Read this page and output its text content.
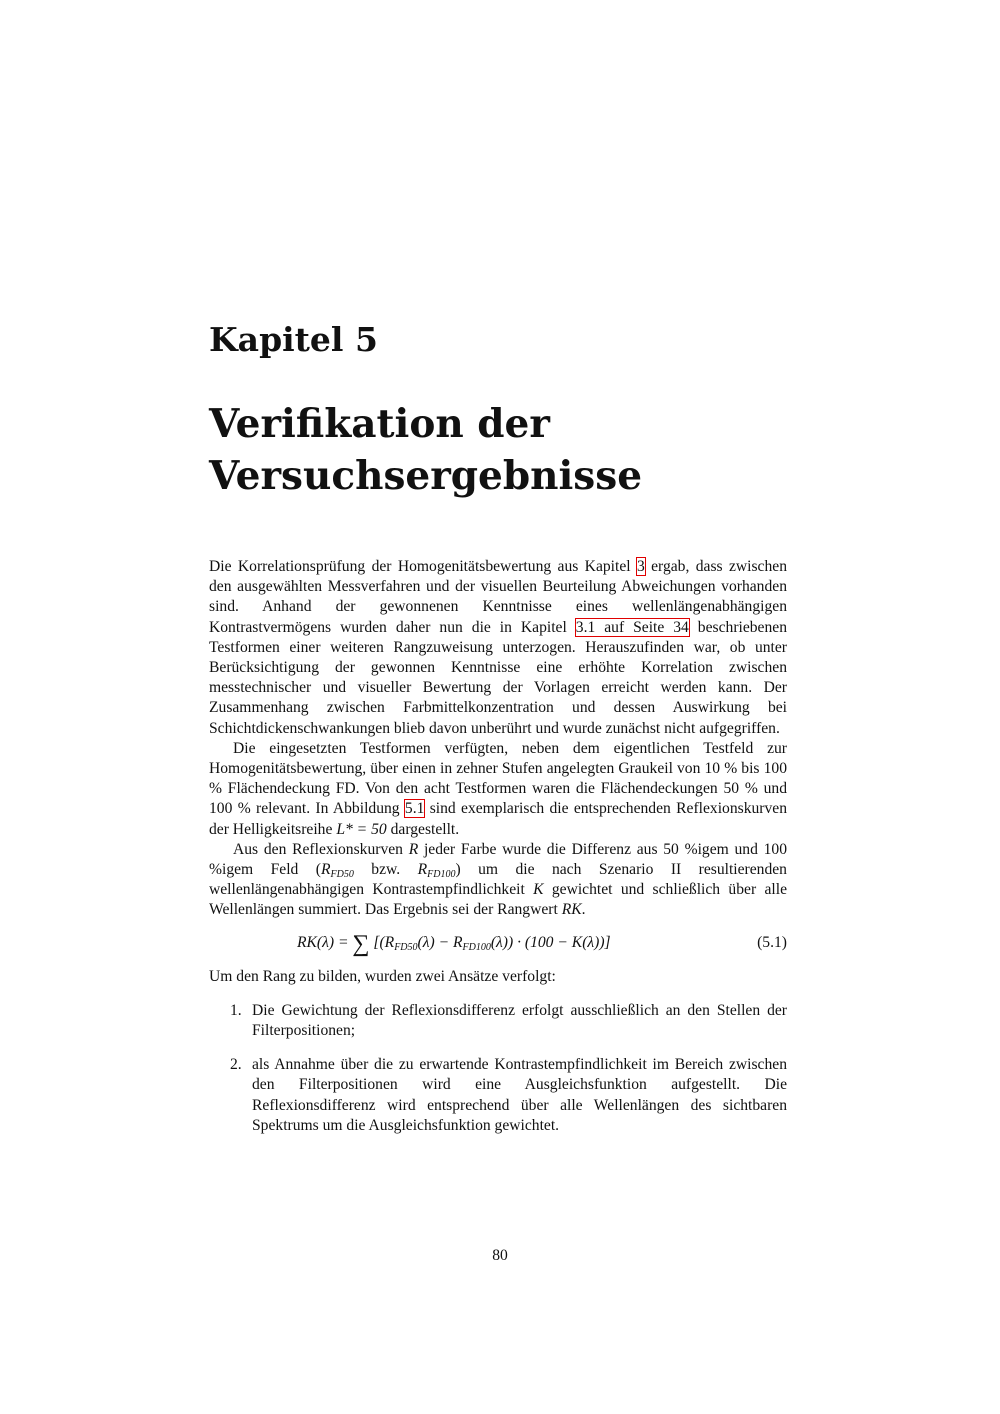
Kapitel 5
Verifikation der
Versuchsergebnisse

Die Korrelationsprüfung der Homogenitätsbewertung aus Kapitel 3 ergab, dass zwischen den ausgewählten Messverfahren und der visuellen Beurteilung Abweichungen vorhanden sind. Anhand der gewonnenen Kenntnisse eines wellenlängenabhängigen Kontrastvermögens wurden daher nun die in Kapitel 3.1 auf Seite 34 beschriebenen Testformen einer weiteren Rangzuweisung unterzogen. Herauszufinden war, ob unter Berücksichtigung der gewonnen Kenntnisse eine erhöhte Korrelation zwischen messtechnischer und visueller Bewertung der Vorlagen erreicht werden kann. Der Zusammenhang zwischen Farbmittelkonzentration und dessen Auswirkung bei Schichtdickenschwankungen blieb davon unberührt und wurde zunächst nicht aufgegriffen.

Die eingesetzten Testformen verfügten, neben dem eigentlichen Testfeld zur Homogenitätsbewertung, über einen in zehner Stufen angelegten Graukeil von 10 % bis 100 % Flächendeckung FD. Von den acht Testformen waren die Flächendeckungen 50 % und 100 % relevant. In Abbildung 5.1 sind exemplarisch die entsprechenden Reflexionskurven der Helligkeitsreihe L* = 50 dargestellt.

Aus den Reflexionskurven R jeder Farbe wurde die Differenz aus 50 %igem und 100 %igem Feld ($R_{FD50}$ bzw. $R_{FD100}$) um die nach Szenario II resultierenden wellenlängenabhängigen Kontrastempfindlichkeit K gewichtet und schließlich über alle Wellenlängen summiert. Das Ergebnis sei der Rangwert RK.

RK(λ) = ∑ $[(R_{FD50}(\lambda) - R_{FD100}(\lambda)) \cdot (100 - K(\lambda))]$	(5.1)

Um den Rang zu bilden, wurden zwei Ansätze verfolgt:

1. Die Gewichtung der Reflexionsdifferenz erfolgt ausschließlich an den Stellen der Filterpositionen;
2. als Annahme über die zu erwartende Kontrastempfindlichkeit im Bereich zwischen den Filterpositionen wird eine Ausgleichsfunktion aufgestellt. Die Reflexionsdifferenz wird entsprechend über alle Wellenlängen des sichtbaren Spektrums um die Ausgleichsfunktion gewichtet.
80
